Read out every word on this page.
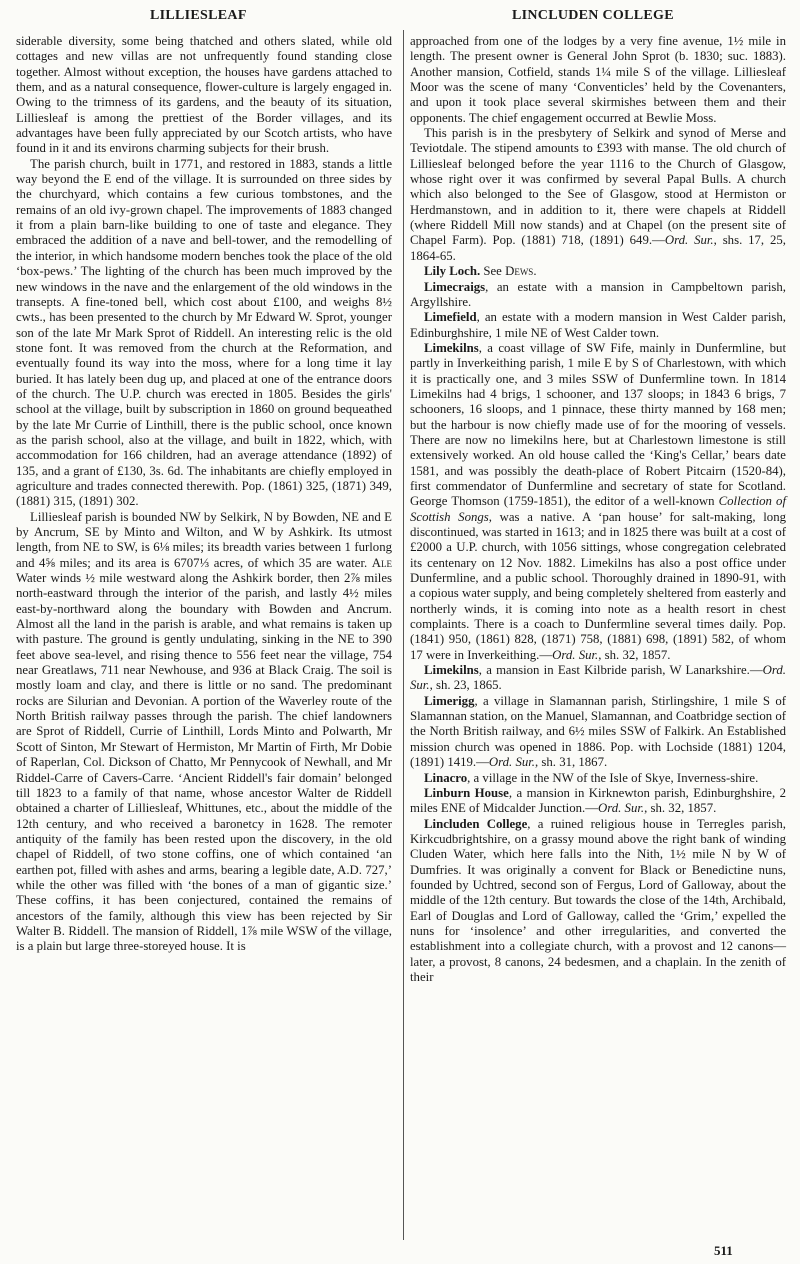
LILLIESLEAF	LINCLUDEN COLLEGE

siderable diversity, some being thatched and others slated, while old cottages and new villas are not unfrequently found standing close together. Almost without exception, the houses have gardens attached to them, and as a natural consequence, flower-culture is largely engaged in. Owing to the trimness of its gardens, and the beauty of its situation, Lilliesleaf is among the prettiest of the Border villages, and its advantages have been fully appreciated by our Scotch artists, who have found in it and its environs charming subjects for their brush.

The parish church, built in 1771, and restored in 1883, stands a little way beyond the E end of the village. It is surrounded on three sides by the churchyard, which contains a few curious tombstones, and the remains of an old ivy-grown chapel. The improvements of 1883 changed it from a plain barn-like building to one of taste and elegance. They embraced the addition of a nave and bell-tower, and the remodelling of the interior, in which handsome modern benches took the place of the old ‘box-pews.’ The lighting of the church has been much improved by the new windows in the nave and the enlargement of the old windows in the transepts. A fine-toned bell, which cost about £100, and weighs 8½ cwts., has been presented to the church by Mr Edward W. Sprot, younger son of the late Mr Mark Sprot of Riddell. An interesting relic is the old stone font. It was removed from the church at the Reformation, and eventually found its way into the moss, where for a long time it lay buried. It has lately been dug up, and placed at one of the entrance doors of the church. The U.P. church was erected in 1805. Besides the girls' school at the village, built by subscription in 1860 on ground bequeathed by the late Mr Currie of Linthill, there is the public school, once known as the parish school, also at the village, and built in 1822, which, with accommodation for 166 children, had an average attendance (1892) of 135, and a grant of £130, 3s. 6d. The inhabitants are chiefly employed in agriculture and trades connected therewith. Pop. (1861) 325, (1871) 349, (1881) 315, (1891) 302.

Lilliesleaf parish is bounded NW by Selkirk, N by Bowden, NE and E by Ancrum, SE by Minto and Wilton, and W by Ashkirk. Its utmost length, from NE to SW, is 6⅛ miles; its breadth varies between 1 furlong and 4⅝ miles; and its area is 6707⅓ acres, of which 35 are water. Ale Water winds ½ mile westward along the Ashkirk border, then 2⅞ miles north-eastward through the interior of the parish, and lastly 4½ miles east-by-northward along the boundary with Bowden and Ancrum. Almost all the land in the parish is arable, and what remains is taken up with pasture. The ground is gently undulating, sinking in the NE to 390 feet above sea-level, and rising thence to 556 feet near the village, 754 near Greatlaws, 711 near Newhouse, and 936 at Black Craig. The soil is mostly loam and clay, and there is little or no sand. The predominant rocks are Silurian and Devonian. A portion of the Waverley route of the North British railway passes through the parish. The chief landowners are Sprot of Riddell, Currie of Linthill, Lords Minto and Polwarth, Mr Scott of Sinton, Mr Stewart of Hermiston, Mr Martin of Firth, Mr Dobie of Raperlan, Col. Dickson of Chatto, Mr Pennycook of Newhall, and Mr Riddel-Carre of Cavers-Carre. ‘Ancient Riddell's fair domain’ belonged till 1823 to a family of that name, whose ancestor Walter de Riddell obtained a charter of Lilliesleaf, Whittunes, etc., about the middle of the 12th century, and who received a baronetcy in 1628. The remoter antiquity of the family has been rested upon the discovery, in the old chapel of Riddell, of two stone coffins, one of which contained ‘an earthen pot, filled with ashes and arms, bearing a legible date, A.D. 727,’ while the other was filled with ‘the bones of a man of gigantic size.’ These coffins, it has been conjectured, contained the remains of ancestors of the family, although this view has been rejected by Sir Walter B. Riddell. The mansion of Riddell, 1⅞ mile WSW of the village, is a plain but large three-storeyed house. It is

approached from one of the lodges by a very fine avenue, 1½ mile in length. The present owner is General John Sprot (b. 1830; suc. 1883). Another mansion, Cotfield, stands 1¼ mile S of the village. Lilliesleaf Moor was the scene of many ‘Conventicles’ held by the Covenanters, and upon it took place several skirmishes between them and their opponents. The chief engagement occurred at Bewlie Moss.

This parish is in the presbytery of Selkirk and synod of Merse and Teviotdale. The stipend amounts to £393 with manse. The old church of Lilliesleaf belonged before the year 1116 to the Church of Glasgow, whose right over it was confirmed by several Papal Bulls. A church which also belonged to the See of Glasgow, stood at Hermiston or Herdmanstown, and in addition to it, there were chapels at Riddell (where Riddell Mill now stands) and at Chapel (on the present site of Chapel Farm). Pop. (1881) 718, (1891) 649.—Ord. Sur., shs. 17, 25, 1864-65.

Lily Loch. See Dews.

Limecraigs, an estate with a mansion in Campbeltown parish, Argyllshire.

Limefield, an estate with a modern mansion in West Calder parish, Edinburghshire, 1 mile NE of West Calder town.

Limekilns, a coast village of SW Fife, mainly in Dunfermline, but partly in Inverkeithing parish, 1 mile E by S of Charlestown, with which it is practically one, and 3 miles SSW of Dunfermline town. In 1814 Limekilns had 4 brigs, 1 schooner, and 137 sloops; in 1843 6 brigs, 7 schooners, 16 sloops, and 1 pinnace, these thirty manned by 168 men; but the harbour is now chiefly made use of for the mooring of vessels. There are now no limekilns here, but at Charlestown limestone is still extensively worked. An old house called the ‘King's Cellar,’ bears date 1581, and was possibly the death-place of Robert Pitcairn (1520-84), first commendator of Dunfermline and secretary of state for Scotland. George Thomson (1759-1851), the editor of a well-known Collection of Scottish Songs, was a native. A ‘pan house’ for salt-making, long discontinued, was started in 1613; and in 1825 there was built at a cost of £2000 a U.P. church, with 1056 sittings, whose congregation celebrated its centenary on 12 Nov. 1882. Limekilns has also a post office under Dunfermline, and a public school. Thoroughly drained in 1890-91, with a copious water supply, and being completely sheltered from easterly and northerly winds, it is coming into note as a health resort in chest complaints. There is a coach to Dunfermline several times daily. Pop. (1841) 950, (1861) 828, (1871) 758, (1881) 698, (1891) 582, of whom 17 were in Inverkeithing.—Ord. Sur., sh. 32, 1857.

Limekilns, a mansion in East Kilbride parish, W Lanarkshire.—Ord. Sur., sh. 23, 1865.

Limerigg, a village in Slamannan parish, Stirlingshire, 1 mile S of Slamannan station, on the Manuel, Slamannan, and Coatbridge section of the North British railway, and 6½ miles SSW of Falkirk. An Established mission church was opened in 1886. Pop. with Lochside (1881) 1204, (1891) 1419.—Ord. Sur., sh. 31, 1867.

Linacro, a village in the NW of the Isle of Skye, Inverness-shire.

Linburn House, a mansion in Kirknewton parish, Edinburghshire, 2 miles ENE of Midcalder Junction.—Ord. Sur., sh. 32, 1857.

Lincluden College, a ruined religious house in Terregles parish, Kirkcudbrightshire, on a grassy mound above the right bank of winding Cluden Water, which here falls into the Nith, 1½ mile N by W of Dumfries. It was originally a convent for Black or Benedictine nuns, founded by Uchtred, second son of Fergus, Lord of Galloway, about the middle of the 12th century. But towards the close of the 14th, Archibald, Earl of Douglas and Lord of Galloway, called the ‘Grim,’ expelled the nuns for ‘insolence’ and other irregularities, and converted the establishment into a collegiate church, with a provost and 12 canons—later, a provost, 8 canons, 24 bedesmen, and a chaplain. In the zenith of their

511
